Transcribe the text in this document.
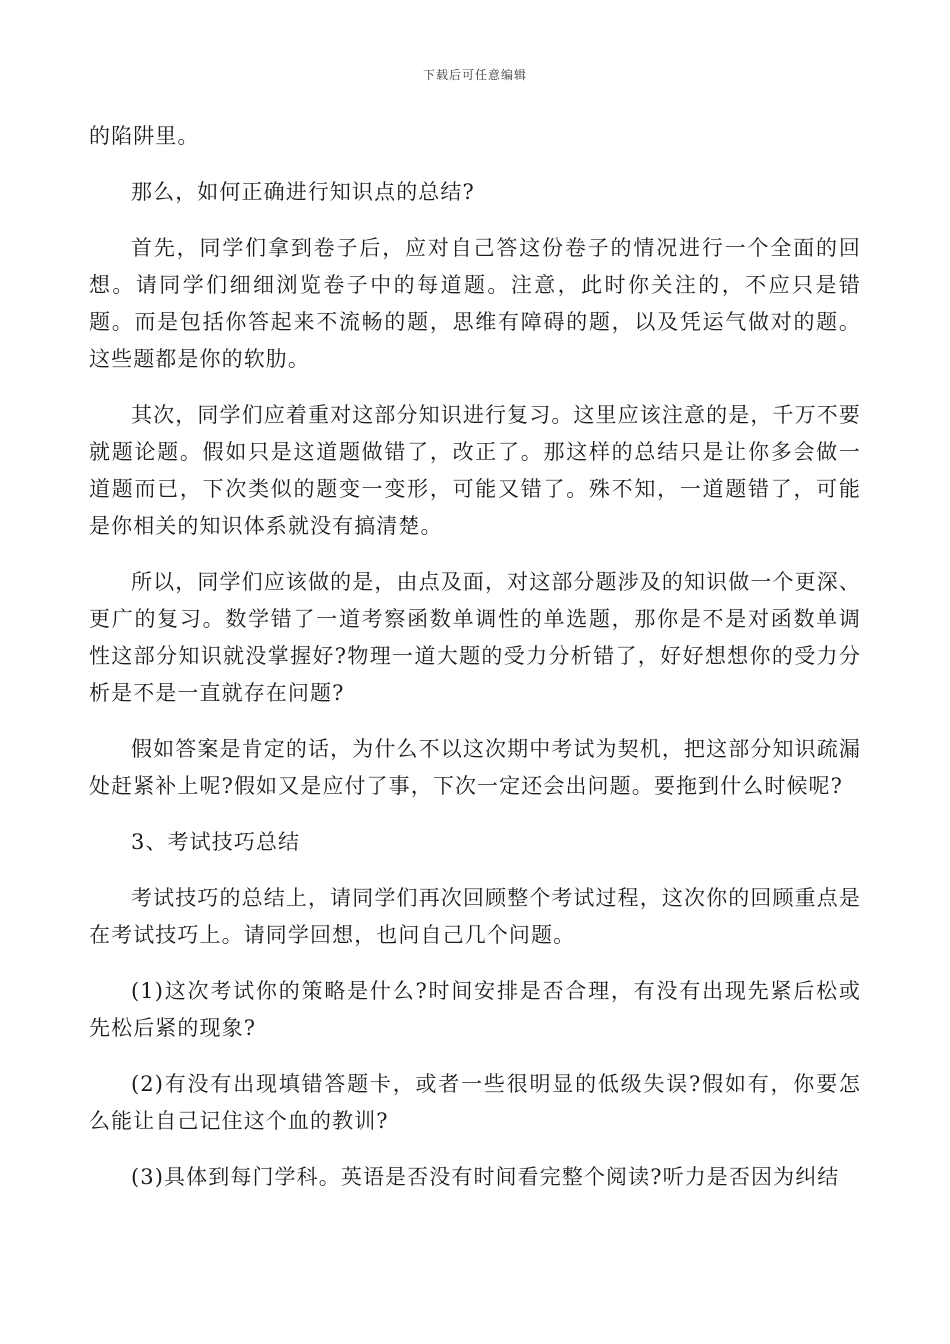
下载后可任意编辑

的陷阱里。

那么，如何正确进行知识点的总结?

首先，同学们拿到卷子后，应对自己答这份卷子的情况进行一个全面的回想。请同学们细细浏览卷子中的每道题。注意，此时你关注的，不应只是错题。而是包括你答起来不流畅的题，思维有障碍的题，以及凭运气做对的题。这些题都是你的软肋。

其次，同学们应着重对这部分知识进行复习。这里应该注意的是，千万不要就题论题。假如只是这道题做错了，改正了。那这样的总结只是让你多会做一道题而已，下次类似的题变一变形，可能又错了。殊不知，一道题错了，可能是你相关的知识体系就没有搞清楚。

所以，同学们应该做的是，由点及面，对这部分题涉及的知识做一个更深、更广的复习。数学错了一道考察函数单调性的单选题，那你是不是对函数单调性这部分知识就没掌握好?物理一道大题的受力分析错了，好好想想你的受力分析是不是一直就存在问题?

假如答案是肯定的话，为什么不以这次期中考试为契机，把这部分知识疏漏处赶紧补上呢?假如又是应付了事，下次一定还会出问题。要拖到什么时候呢?

3、考试技巧总结

考试技巧的总结上，请同学们再次回顾整个考试过程，这次你的回顾重点是在考试技巧上。请同学回想，也问自己几个问题。

(1)这次考试你的策略是什么?时间安排是否合理，有没有出现先紧后松或先松后紧的现象?

(2)有没有出现填错答题卡，或者一些很明显的低级失误?假如有，你要怎么能让自己记住这个血的教训?

(3)具体到每门学科。英语是否没有时间看完整个阅读?听力是否因为纠结
